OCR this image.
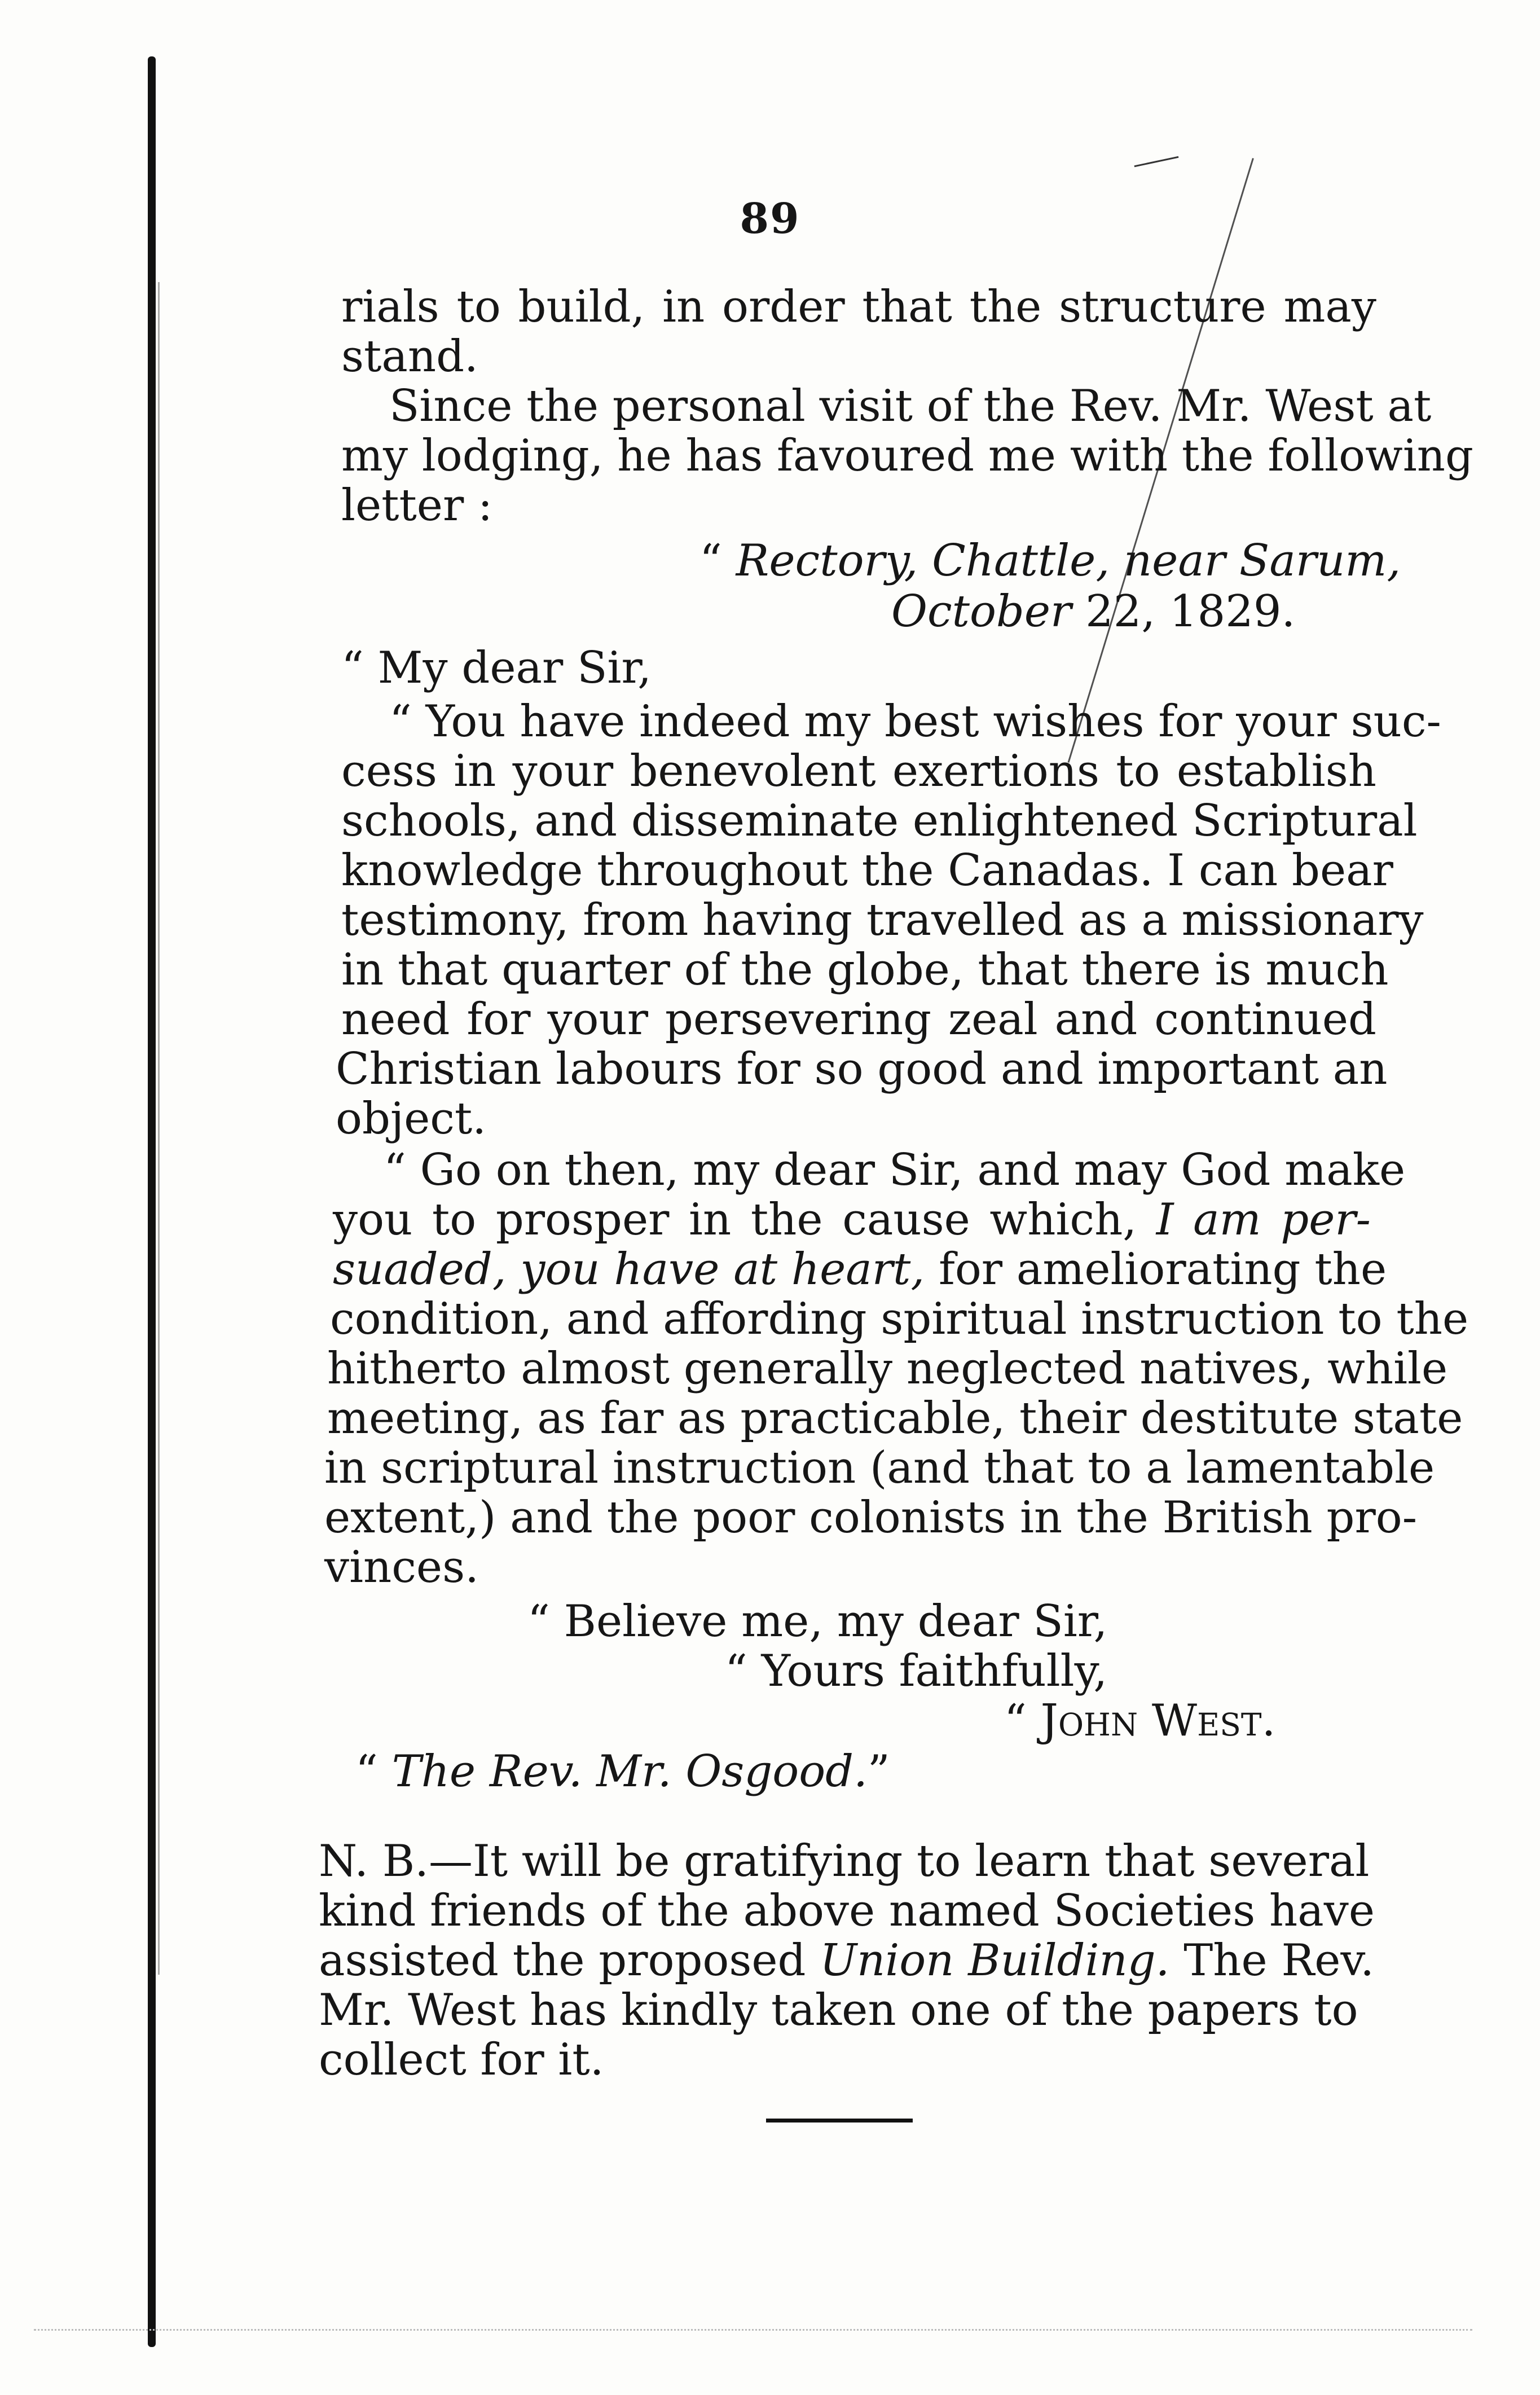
89
rials to build, in order that the structure may
stand.
Since the personal visit of the Rev. Mr. West at
my lodging, he has favoured me with the following
letter :
“ Rectory, Chattle, near Sarum,
October 22, 1829.
“ My dear Sir,
“ You have indeed my best wishes for your suc-
cess in your benevolent exertions to establish
schools, and disseminate enlightened Scriptural
knowledge throughout the Canadas. I can bear
testimony, from having travelled as a missionary
in that quarter of the globe, that there is much
need for your persevering zeal and continued
Christian labours for so good and important an
object.
“ Go on then, my dear Sir, and may God make
you to prosper in the cause which, I am per-
suaded, you have at heart, for ameliorating the
condition, and affording spiritual instruction to the
hitherto almost generally neglected natives, while
meeting, as far as practicable, their destitute state
in scriptural instruction (and that to a lamentable
extent,) and the poor colonists in the British pro-
vinces.
“ Believe me, my dear Sir,
“ Yours faithfully,
“ John West.
“ The Rev. Mr. Osgood.”
N. B.—It will be gratifying to learn that several
kind friends of the above named Societies have
assisted the proposed Union Building. The Rev.
Mr. West has kindly taken one of the papers to
collect for it.
